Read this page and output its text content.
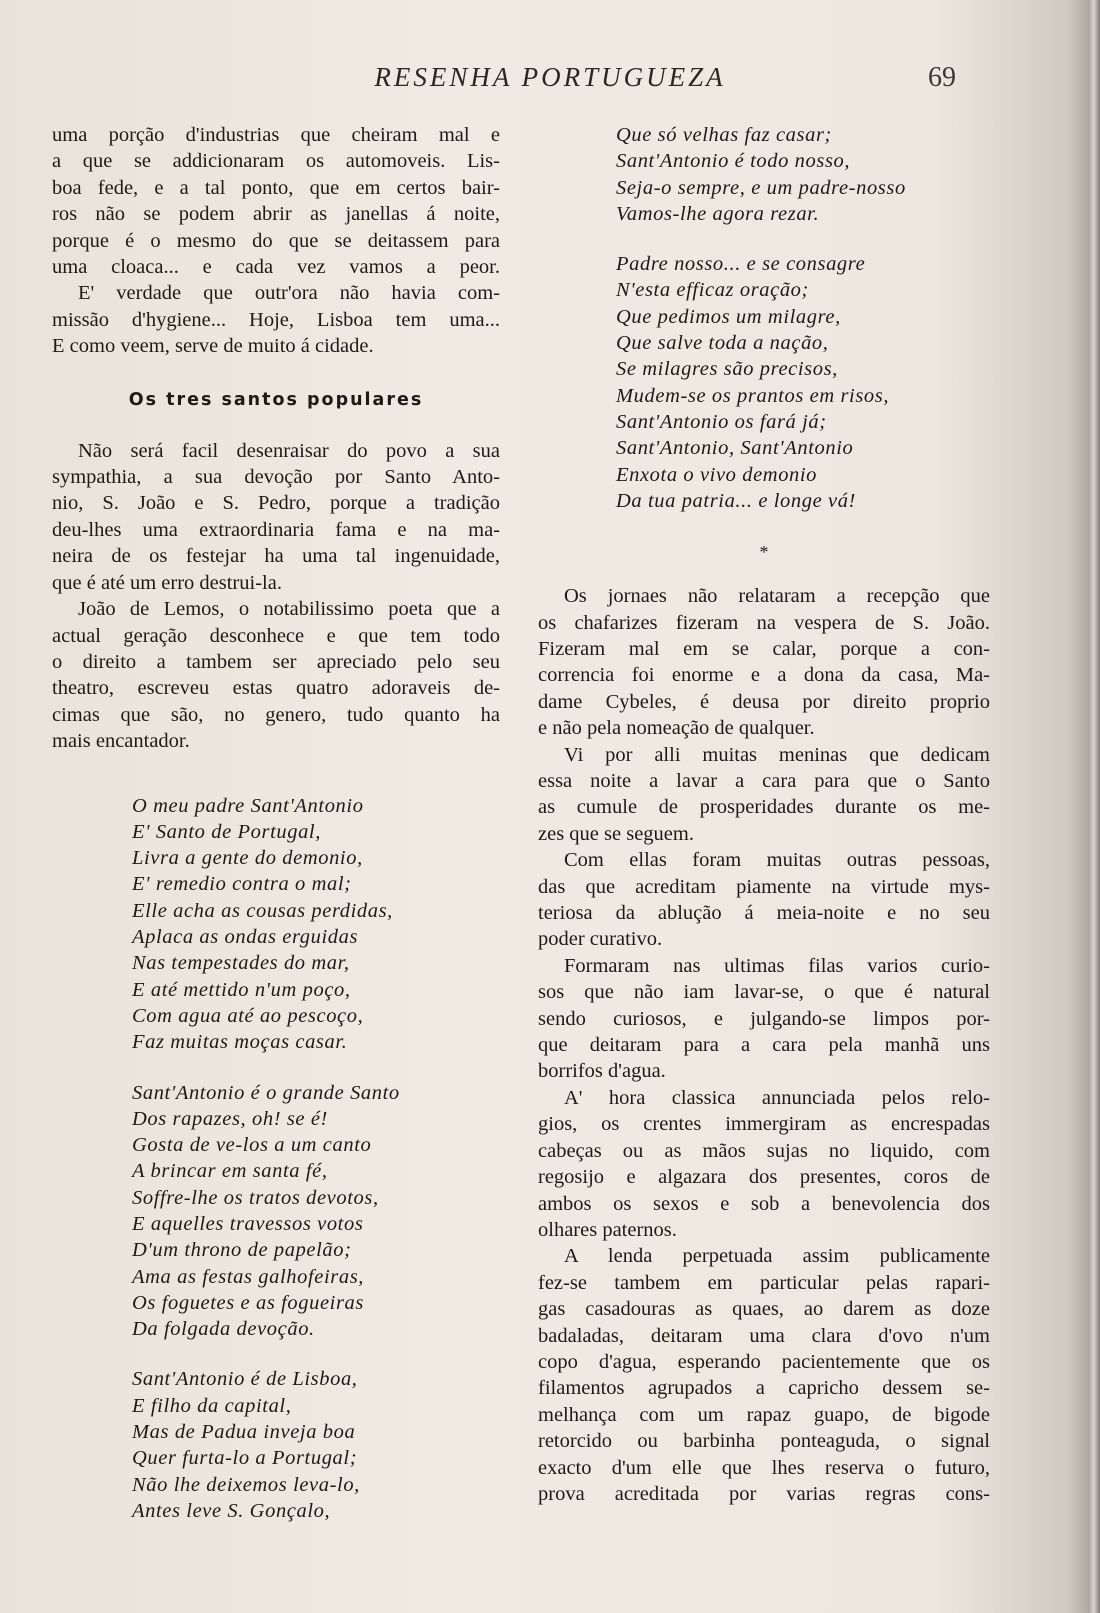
RESENHA PORTUGUEZA	69
uma porção d'industrias que cheiram mal e
a que se addicionaram os automoveis. Lis-
boa fede, e a tal ponto, que em certos bair-
ros não se podem abrir as janellas á noite,
porque é o mesmo do que se deitassem para
uma cloaca... e cada vez vamos a peor.
E' verdade que outr'ora não havia com-
missão d'hygiene... Hoje, Lisboa tem uma...
E como veem, serve de muito á cidade.
Os tres santos populares
Não será facil desenraisar do povo a sua
sympathia, a sua devoção por Santo Anto-
nio, S. João e S. Pedro, porque a tradição
deu-lhes uma extraordinaria fama e na ma-
neira de os festejar ha uma tal ingenuidade,
que é até um erro destrui-la.
João de Lemos, o notabilissimo poeta que a
actual geração desconhece e que tem todo
o direito a tambem ser apreciado pelo seu
theatro, escreveu estas quatro adoraveis de-
cimas que são, no genero, tudo quanto ha
mais encantador.
O meu padre Sant'Antonio
E' Santo de Portugal,
Livra a gente do demonio,
E' remedio contra o mal;
Elle acha as cousas perdidas,
Aplaca as ondas erguidas
Nas tempestades do mar,
E até mettido n'um poço,
Com agua até ao pescoço,
Faz muitas moças casar.
Sant'Antonio é o grande Santo
Dos rapazes, oh! se é!
Gosta de ve-los a um canto
A brincar em santa fé,
Soffre-lhe os tratos devotos,
E aquelles travessos votos
D'um throno de papelão;
Ama as festas galhofeiras,
Os foguetes e as fogueiras
Da folgada devoção.
Sant'Antonio é de Lisboa,
E filho da capital,
Mas de Padua inveja boa
Quer furta-lo a Portugal;
Não lhe deixemos leva-lo,
Antes leve S. Gonçalo,
Que só velhas faz casar;
Sant'Antonio é todo nosso,
Seja-o sempre, e um padre-nosso
Vamos-lhe agora rezar.
Padre nosso... e se consagre
N'esta efficaz oração;
Que pedimos um milagre,
Que salve toda a nação,
Se milagres são precisos,
Mudem-se os prantos em risos,
Sant'Antonio os fará já;
Sant'Antonio, Sant'Antonio
Enxota o vivo demonio
Da tua patria... e longe vá!
*
Os jornaes não relataram a recepção que
os chafarizes fizeram na vespera de S. João.
Fizeram mal em se calar, porque a con-
correncia foi enorme e a dona da casa, Ma-
dame Cybeles, é deusa por direito proprio
e não pela nomeação de qualquer.
Vi por alli muitas meninas que dedicam
essa noite a lavar a cara para que o Santo
as cumule de prosperidades durante os me-
zes que se seguem.
Com ellas foram muitas outras pessoas,
das que acreditam piamente na virtude mys-
teriosa da ablução á meia-noite e no seu
poder curativo.
Formaram nas ultimas filas varios curio-
sos que não iam lavar-se, o que é natural
sendo curiosos, e julgando-se limpos por-
que deitaram para a cara pela manhã uns
borrifos d'agua.
A' hora classica annunciada pelos relo-
gios, os crentes immergiram as encrespadas
cabeças ou as mãos sujas no liquido, com
regosijo e algazara dos presentes, coros de
ambos os sexos e sob a benevolencia dos
olhares paternos.
A lenda perpetuada assim publicamente
fez-se tambem em particular pelas rapari-
gas casadouras as quaes, ao darem as doze
badaladas, deitaram uma clara d'ovo n'um
copo d'agua, esperando pacientemente que os
filamentos agrupados a capricho dessem se-
melhança com um rapaz guapo, de bigode
retorcido ou barbinha ponteaguda, o signal
exacto d'um elle que lhes reserva o futuro,
prova acreditada por varias regras cons-
